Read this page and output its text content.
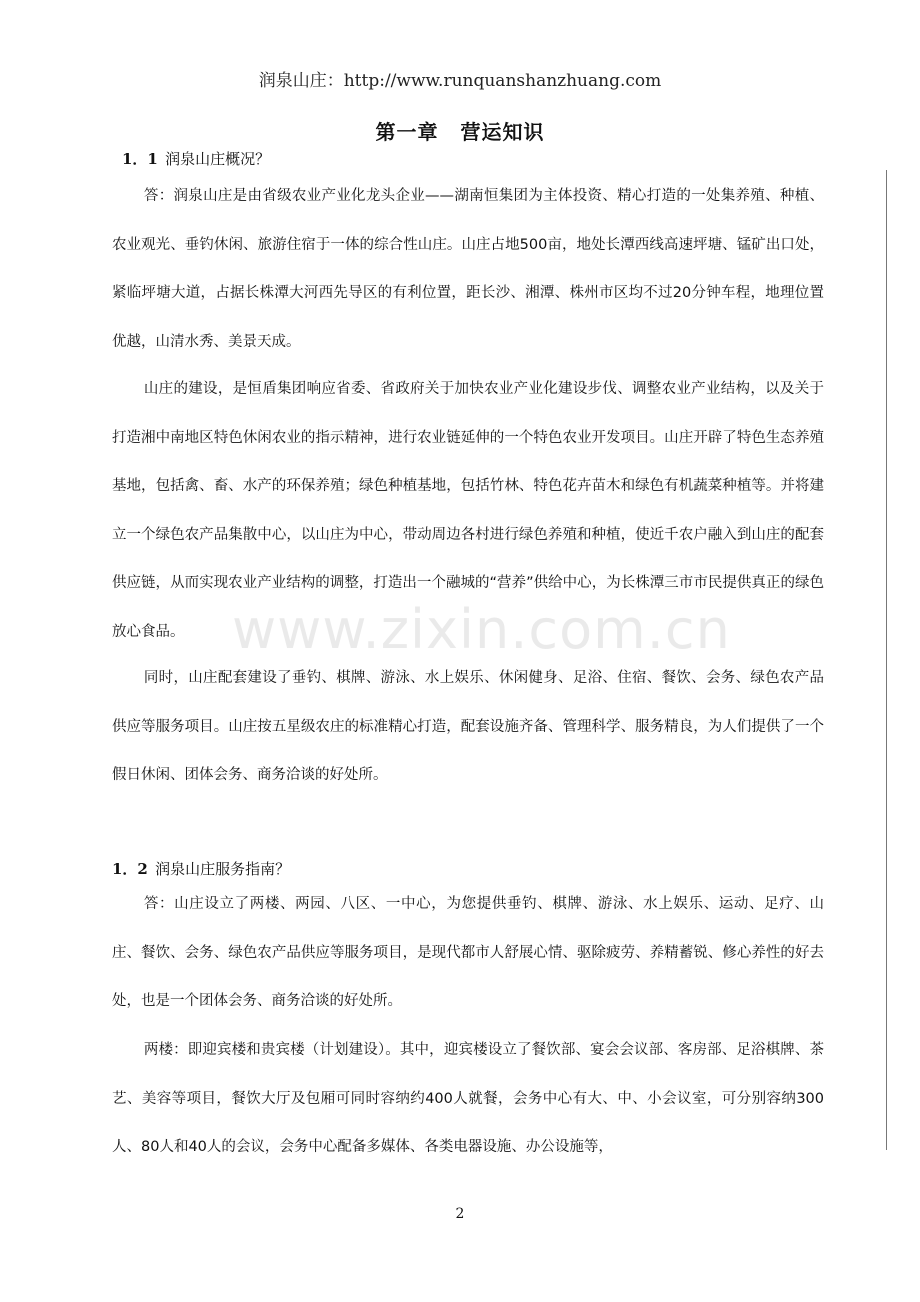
润泉山庄：http://www.runquanshanzhuang.com
第一章 营运知识
1．1 润泉山庄概况？

答：润泉山庄是由省级农业产业化龙头企业——湖南恒集团为主体投资、精心打造的一处集养殖、种植、农业观光、垂钓休闲、旅游住宿于一体的综合性山庄。山庄占地500亩，地处长潭西线高速坪塘、锰矿出口处，紧临坪塘大道，占据长株潭大河西先导区的有利位置，距长沙、湘潭、株州市区均不过20分钟车程，地理位置优越，山清水秀、美景天成。

山庄的建设，是恒盾集团响应省委、省政府关于加快农业产业化建设步伐、调整农业产业结构，以及关于打造湘中南地区特色休闲农业的指示精神，进行农业链延伸的一个特色农业开发项目。山庄开辟了特色生态养殖基地，包括禽、畜、水产的环保养殖；绿色种植基地，包括竹林、特色花卉苗木和绿色有机蔬菜种植等。并将建立一个绿色农产品集散中心，以山庄为中心，带动周边各村进行绿色养殖和种植，使近千农户融入到山庄的配套供应链，从而实现农业产业结构的调整，打造出一个融城的“营养”供给中心，为长株潭三市市民提供真正的绿色放心食品。

同时，山庄配套建设了垂钓、棋牌、游泳、水上娱乐、休闲健身、足浴、住宿、餐饮、会务、绿色农产品供应等服务项目。山庄按五星级农庄的标准精心打造，配套设施齐备、管理科学、服务精良，为人们提供了一个假日休闲、团体会务、商务洽谈的好处所。

1．2 润泉山庄服务指南？

答：山庄设立了两楼、两园、八区、一中心，为您提供垂钓、棋牌、游泳、水上娱乐、运动、足疗、山庄、餐饮、会务、绿色农产品供应等服务项目，是现代都市人舒展心情、驱除疲劳、养精蓄锐、修心养性的好去处，也是一个团体会务、商务洽谈的好处所。

两楼：即迎宾楼和贵宾楼（计划建设）。其中，迎宾楼设立了餐饮部、宴会会议部、客房部、足浴棋牌、茶艺、美容等项目，餐饮大厅及包厢可同时容纳约400人就餐，会务中心有大、中、小会议室，可分别容纳300人、80人和40人的会议，会务中心配备多媒体、各类电器设施、办公设施等，

www.zixin.com.cn
2
